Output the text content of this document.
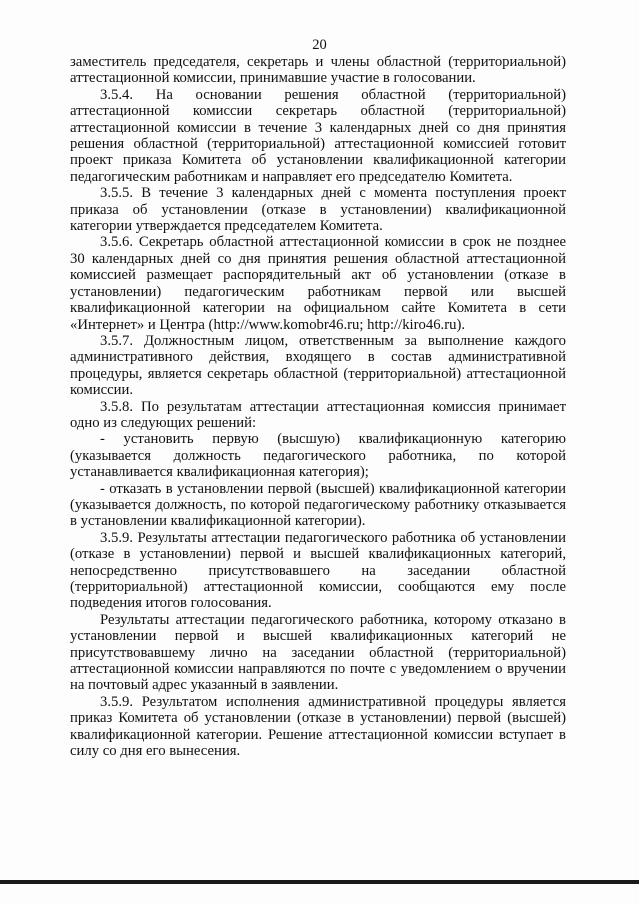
20

заместитель председателя, секретарь и члены областной (территориальной) аттестационной комиссии, принимавшие участие в голосовании.

3.5.4. На основании решения областной (территориальной) аттестационной комиссии секретарь областной (территориальной) аттестационной комиссии в течение 3 календарных дней со дня принятия решения областной (территориальной) аттестационной комиссией готовит проект приказа Комитета об установлении квалификационной категории педагогическим работникам и направляет его председателю Комитета.

3.5.5. В течение 3 календарных дней с момента поступления проект приказа об установлении (отказе в установлении) квалификационной категории утверждается председателем Комитета.

3.5.6. Секретарь областной аттестационной комиссии в срок не позднее 30 календарных дней со дня принятия решения областной аттестационной комиссией размещает распорядительный акт об установлении (отказе в установлении) педагогическим работникам первой или высшей квалификационной категории на официальном сайте Комитета в сети «Интернет» и Центра (http://www.komobr46.ru; http://kiro46.ru).

3.5.7. Должностным лицом, ответственным за выполнение каждого административного действия, входящего в состав административной процедуры, является секретарь областной (территориальной) аттестационной комиссии.

3.5.8. По результатам аттестации аттестационная комиссия принимает одно из следующих решений:

- установить первую (высшую) квалификационную категорию (указывается должность педагогического работника, по которой устанавливается квалификационная категория);

- отказать в установлении первой (высшей) квалификационной категории (указывается должность, по которой педагогическому работнику отказывается в установлении квалификационной категории).

3.5.9. Результаты аттестации педагогического работника об установлении (отказе в установлении) первой и высшей квалификационных категорий, непосредственно присутствовавшего на заседании областной (территориальной) аттестационной комиссии, сообщаются ему после подведения итогов голосования.

Результаты аттестации педагогического работника, которому отказано в установлении первой и высшей квалификационных категорий не присутствовавшему лично на заседании областной (территориальной) аттестационной комиссии направляются по почте с уведомлением о вручении на почтовый адрес указанный в заявлении.

3.5.9. Результатом исполнения административной процедуры является приказ Комитета об установлении (отказе в установлении) первой (высшей) квалификационной категории. Решение аттестационной комиссии вступает в силу со дня его вынесения.
